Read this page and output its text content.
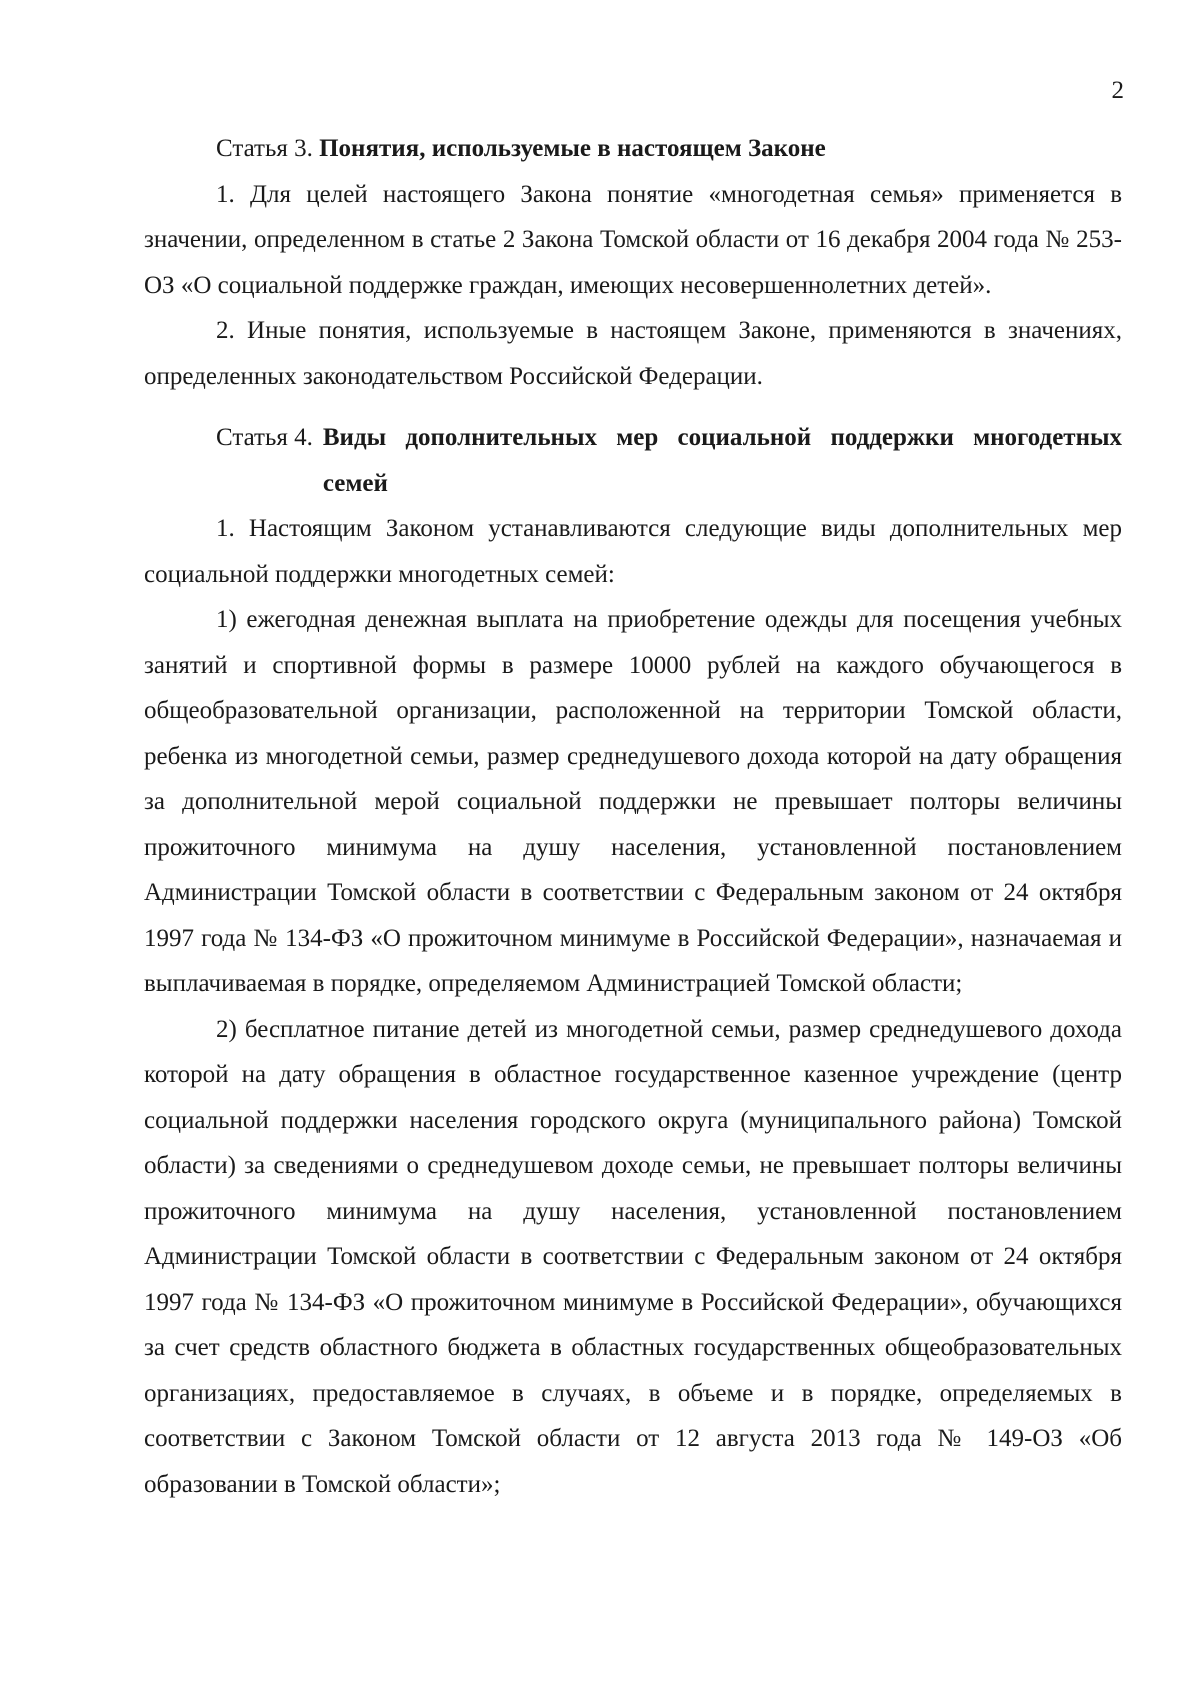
2

Статья 3. Понятия, используемые в настоящем Законе

1. Для целей настоящего Закона понятие «многодетная семья» применяется в значении, определенном в статье 2 Закона Томской области от 16 декабря 2004 года № 253-ОЗ «О социальной поддержке граждан, имеющих несовершеннолетних детей».

2. Иные понятия, используемые в настоящем Законе, применяются в значениях, определенных законодательством Российской Федерации.

Статья 4. Виды дополнительных мер социальной поддержки многодетных семей

1. Настоящим Законом устанавливаются следующие виды дополнительных мер социальной поддержки многодетных семей:

1) ежегодная денежная выплата на приобретение одежды для посещения учебных занятий и спортивной формы в размере 10000 рублей на каждого обучающегося в общеобразовательной организации, расположенной на территории Томской области, ребенка из многодетной семьи, размер среднедушевого дохода которой на дату обращения за дополнительной мерой социальной поддержки не превышает полторы величины прожиточного минимума на душу населения, установленной постановлением Администрации Томской области в соответствии с Федеральным законом от 24 октября 1997 года № 134-ФЗ «О прожиточном минимуме в Российской Федерации», назначаемая и выплачиваемая в порядке, определяемом Администрацией Томской области;

2) бесплатное питание детей из многодетной семьи, размер среднедушевого дохода которой на дату обращения в областное государственное казенное учреждение (центр социальной поддержки населения городского округа (муниципального района) Томской области) за сведениями о среднедушевом доходе семьи, не превышает полторы величины прожиточного минимума на душу населения, установленной постановлением Администрации Томской области в соответствии с Федеральным законом от 24 октября 1997 года № 134-ФЗ «О прожиточном минимуме в Российской Федерации», обучающихся за счет средств областного бюджета в областных государственных общеобразовательных организациях, предоставляемое в случаях, в объеме и в порядке, определяемых в соответствии с Законом Томской области от 12 августа 2013 года № 149-ОЗ «Об образовании в Томской области»;
